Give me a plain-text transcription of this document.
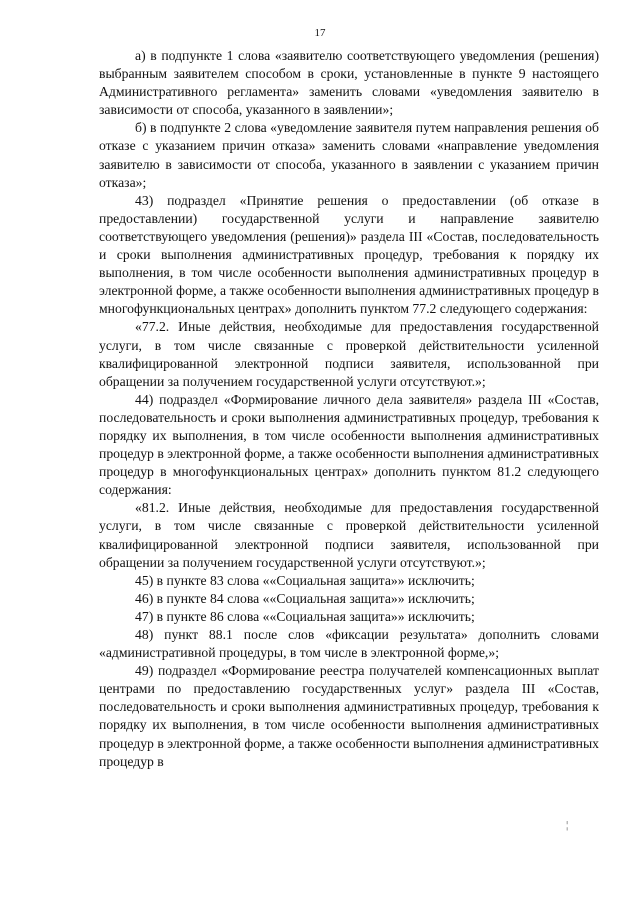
17

а) в подпункте 1 слова «заявителю соответствующего уведомления (решения) выбранным заявителем способом в сроки, установленные в пункте 9 настоящего Административного регламента» заменить словами «уведомления заявителю в зависимости от способа, указанного в заявлении»;

б) в подпункте 2 слова «уведомление заявителя путем направления решения об отказе с указанием причин отказа» заменить словами «направление уведомления заявителю в зависимости от способа, указанного в заявлении с указанием причин отказа»;

43) подраздел «Принятие решения о предоставлении (об отказе в предоставлении) государственной услуги и направление заявителю соответствующего уведомления (решения)» раздела III «Состав, последовательность и сроки выполнения административных процедур, требования к порядку их выполнения, в том числе особенности выполнения административных процедур в электронной форме, а также особенности выполнения административных процедур в многофункциональных центрах» дополнить пунктом 77.2 следующего содержания:

«77.2. Иные действия, необходимые для предоставления государственной услуги, в том числе связанные с проверкой действительности усиленной квалифицированной электронной подписи заявителя, использованной при обращении за получением государственной услуги отсутствуют.»;

44) подраздел «Формирование личного дела заявителя» раздела III «Состав, последовательность и сроки выполнения административных процедур, требования к порядку их выполнения, в том числе особенности выполнения административных процедур в электронной форме, а также особенности выполнения административных процедур в многофункциональных центрах» дополнить пунктом 81.2 следующего содержания:

«81.2. Иные действия, необходимые для предоставления государственной услуги, в том числе связанные с проверкой действительности усиленной квалифицированной электронной подписи заявителя, использованной при обращении за получением государственной услуги отсутствуют.»;

45) в пункте 83 слова ««Социальная защита»» исключить;

46) в пункте 84 слова ««Социальная защита»» исключить;

47) в пункте 86 слова ««Социальная защита»» исключить;

48) пункт 88.1 после слов «фиксации результата» дополнить словами «административной процедуры, в том числе в электронной форме,»;

49) подраздел «Формирование реестра получателей компенсационных выплат центрами по предоставлению государственных услуг» раздела III «Состав, последовательность и сроки выполнения административных процедур, требования к порядку их выполнения, в том числе особенности выполнения административных процедур в электронной форме, а также особенности выполнения административных процедур в

¦
